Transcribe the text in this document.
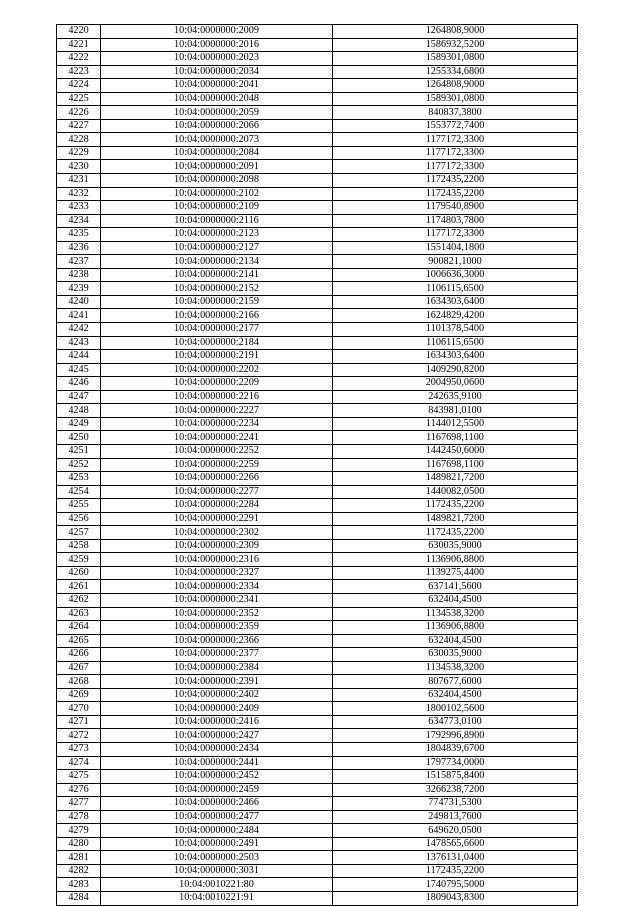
4220	10:04:0000000:2009	1264808,9000
4221	10:04:0000000:2016	1586932,5200
4222	10:04:0000000:2023	1589301,0800
4223	10:04:0000000:2034	1255334,6800
4224	10:04:0000000:2041	1264808,9000
4225	10:04:0000000:2048	1589301,0800
4226	10:04:0000000:2059	840837,3800
4227	10:04:0000000:2066	1553772,7400
4228	10:04:0000000:2073	1177172,3300
4229	10:04:0000000:2084	1177172,3300
4230	10:04:0000000:2091	1177172,3300
4231	10:04:0000000:2098	1172435,2200
4232	10:04:0000000:2102	1172435,2200
4233	10:04:0000000:2109	1179540,8900
4234	10:04:0000000:2116	1174803,7800
4235	10:04:0000000:2123	1177172,3300
4236	10:04:0000000:2127	1551404,1800
4237	10:04:0000000:2134	900821,1000
4238	10:04:0000000:2141	1006636,3000
4239	10:04:0000000:2152	1106115,6500
4240	10:04:0000000:2159	1634303,6400
4241	10:04:0000000:2166	1624829,4200
4242	10:04:0000000:2177	1101378,5400
4243	10:04:0000000:2184	1106115,6500
4244	10:04:0000000:2191	1634303,6400
4245	10:04:0000000:2202	1409290,8200
4246	10:04:0000000:2209	2004950,0600
4247	10:04:0000000:2216	242635,9100
4248	10:04:0000000:2227	843981,0100
4249	10:04:0000000:2234	1144012,5500
4250	10:04:0000000:2241	1167698,1100
4251	10:04:0000000:2252	1442450,6000
4252	10:04:0000000:2259	1167698,1100
4253	10:04:0000000:2266	1489821,7200
4254	10:04:0000000:2277	1440082,0500
4255	10:04:0000000:2284	1172435,2200
4256	10:04:0000000:2291	1489821,7200
4257	10:04:0000000:2302	1172435,2200
4258	10:04:0000000:2309	630035,9000
4259	10:04:0000000:2316	1136906,8800
4260	10:04:0000000:2327	1139275,4400
4261	10:04:0000000:2334	637141,5600
4262	10:04:0000000:2341	632404,4500
4263	10:04:0000000:2352	1134538,3200
4264	10:04:0000000:2359	1136906,8800
4265	10:04:0000000:2366	632404,4500
4266	10:04:0000000:2377	630035,9000
4267	10:04:0000000:2384	1134538,3200
4268	10:04:0000000:2391	807677,6000
4269	10:04:0000000:2402	632404,4500
4270	10:04:0000000:2409	1800102,5600
4271	10:04:0000000:2416	634773,0100
4272	10:04:0000000:2427	1792996,8900
4273	10:04:0000000:2434	1804839,6700
4274	10:04:0000000:2441	1797734,0000
4275	10:04:0000000:2452	1515875,8400
4276	10:04:0000000:2459	3266238,7200
4277	10:04:0000000:2466	774731,5300
4278	10:04:0000000:2477	249813,7600
4279	10:04:0000000:2484	649620,0500
4280	10:04:0000000:2491	1478565,6600
4281	10:04:0000000:2503	1376131,0400
4282	10:04:0000000:3031	1172435,2200
4283	10:04:0010221:80	1740795,5000
4284	10:04:0010221:91	1809043,8300
